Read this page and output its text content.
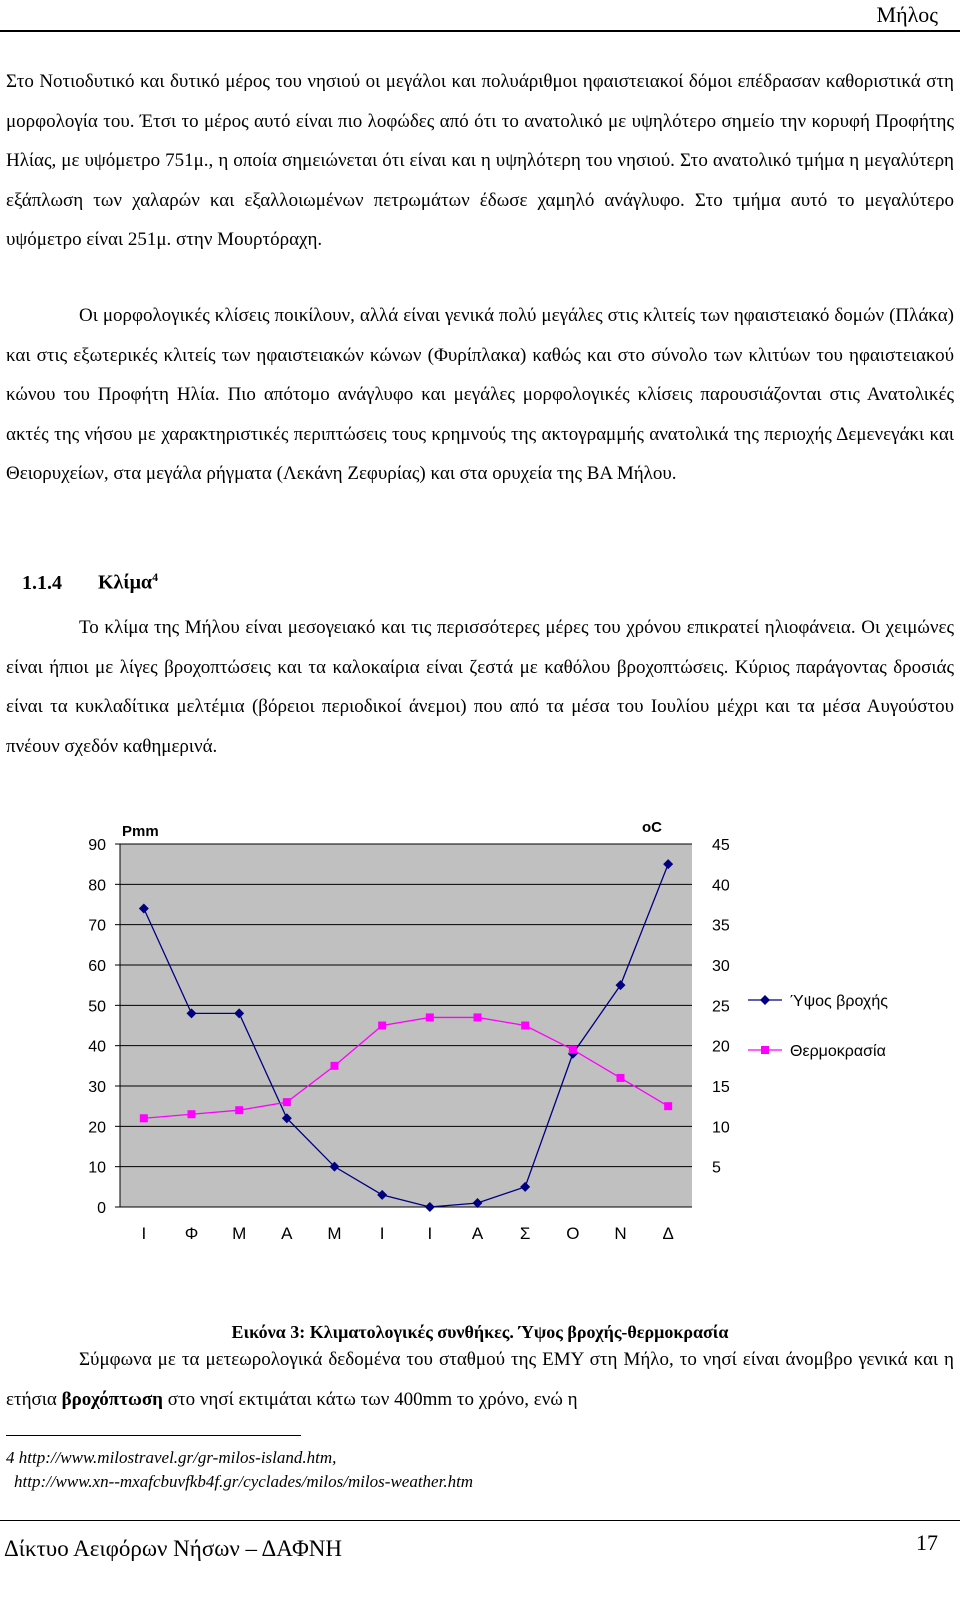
Μήλος
Στο Νοτιοδυτικό και δυτικό μέρος του νησιού οι μεγάλοι και πολυάριθμοι ηφαιστειακοί δόμοι επέδρασαν καθοριστικά στη μορφολογία του. Έτσι το μέρος αυτό είναι πιο λοφώδες από ότι το ανατολικό με υψηλότερο σημείο την κορυφή Προφήτης Ηλίας, με υψόμετρο 751μ., η οποία σημειώνεται ότι είναι και η υψηλότερη του νησιού. Στο ανατολικό τμήμα η μεγαλύτερη εξάπλωση των χαλαρών και εξαλλοιωμένων πετρωμάτων έδωσε χαμηλό ανάγλυφο. Στο τμήμα αυτό το μεγαλύτερο υψόμετρο είναι 251μ. στην Μουρτόραχη.
Οι μορφολογικές κλίσεις ποικίλουν, αλλά είναι γενικά πολύ μεγάλες στις κλιτείς των ηφαιστειακό δομών (Πλάκα) και στις εξωτερικές κλιτείς των ηφαιστειακών κώνων (Φυρίπλακα) καθώς και στο σύνολο των κλιτύων του ηφαιστειακού κώνου του Προφήτη Ηλία. Πιο απότομο ανάγλυφο και μεγάλες μορφολογικές κλίσεις παρουσιάζονται στις Ανατολικές ακτές της νήσου με χαρακτηριστικές περιπτώσεις τους κρημνούς της ακτογραμμής ανατολικά της περιοχής Δεμενεγάκι και Θειορυχείων, στα μεγάλα ρήγματα (Λεκάνη Ζεφυρίας) και στα ορυχεία της ΒΑ Μήλου.
1.1.4 Κλίμα$^4$
Το κλίμα της Μήλου είναι μεσογειακό και τις περισσότερες μέρες του χρόνου επικρατεί ηλιοφάνεια. Οι χειμώνες είναι ήπιοι με λίγες βροχοπτώσεις και τα καλοκαίρια είναι ζεστά με καθόλου βροχοπτώσεις. Κύριος παράγοντας δροσιάς είναι τα κυκλαδίτικα μελτέμια (βόρειοι περιοδικοί άνεμοι) που από τα μέσα του Ιουλίου μέχρι και τα μέσα Αυγούστου πνέουν σχεδόν καθημερινά.
0
10
20
30
40
50
60
70
80
90
5
10
15
20
25
30
35
40
45
Pmm	oC
Ι Φ Μ Α Μ Ι	Ι Α Σ Ο Ν Δ
Ύψος βροχής
Θερμοκρασία
Εικόνα 3: Κλιματολογικές συνθήκες. Ύψος βροχής-θερμοκρασία
Σύμφωνα με τα μετεωρολογικά δεδομένα του σταθμού της ΕΜΥ στη Μήλο, το νησί είναι άνομβρο γενικά και η ετήσια βροχόπτωση στο νησί εκτιμάται κάτω των 400mm το χρόνο, ενώ η
4 http://www.milostravel.gr/gr-milos-island.htm,
http://www.xn--mxafcbuvfkb4f.gr/cyclades/milos/milos-weather.htm
Δίκτυο Αειφόρων Νήσων – ΔΑΦΝΗ	17
